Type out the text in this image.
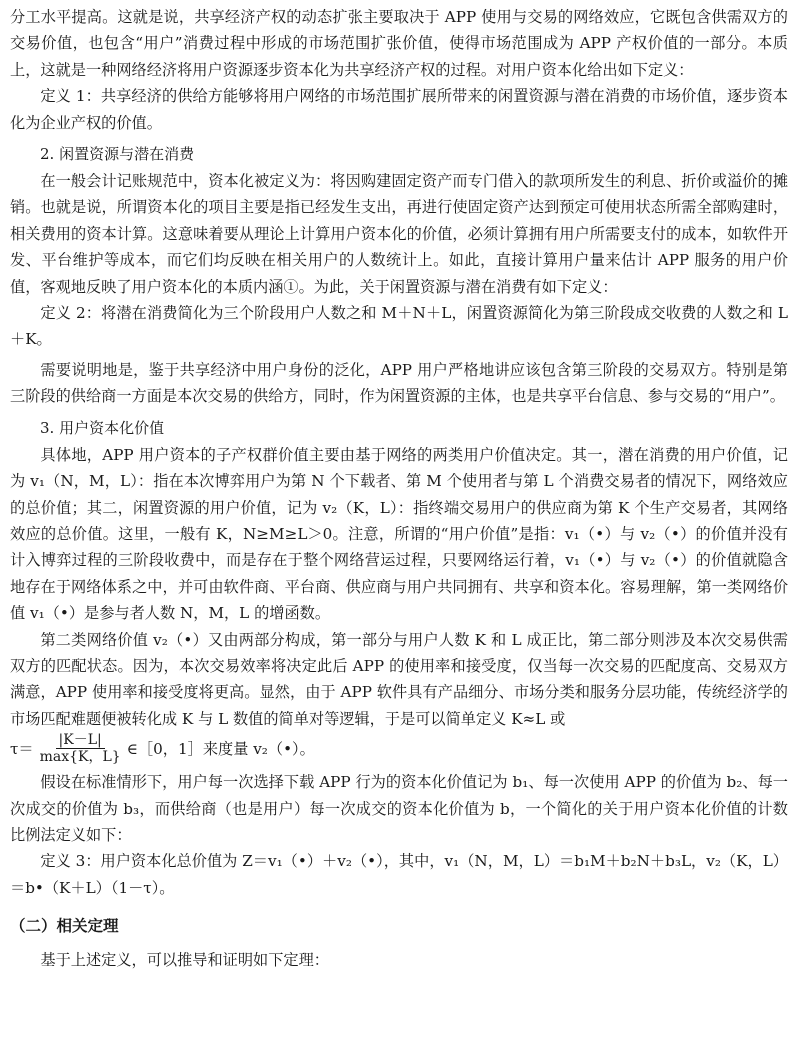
分工水平提高。这就是说，共享经济产权的动态扩张主要取决于 APP 使用与交易的网络效应，它既包含供需双方的交易价值，也包含“用户”消费过程中形成的市场范围扩张价值，使得市场范围成为 APP 产权价值的一部分。本质上，这就是一种网络经济将用户资源逐步资本化为共享经济产权的过程。对用户资本化给出如下定义：

定义 1：共享经济的供给方能够将用户网络的市场范围扩展所带来的闲置资源与潜在消费的市场价值，逐步资本化为企业产权的价值。

2. 闲置资源与潜在消费

在一般会计记账规范中，资本化被定义为：将因购建固定资产而专门借入的款项所发生的利息、折价或溢价的摊销。也就是说，所谓资本化的项目主要是指已经发生支出，再进行使固定资产达到预定可使用状态所需全部购建时，相关费用的资本计算。这意味着要从理论上计算用户资本化的价值，必须计算拥有用户所需要支付的成本，如软件开发、平台维护等成本，而它们均反映在相关用户的人数统计上。如此，直接计算用户量来估计 APP 服务的用户价值，客观地反映了用户资本化的本质内涵①。为此，关于闲置资源与潜在消费有如下定义：

定义 2：将潜在消费简化为三个阶段用户人数之和 M＋N＋L，闲置资源简化为第三阶段成交收费的人数之和 L＋K。

需要说明地是，鉴于共享经济中用户身份的泛化，APP 用户严格地讲应该包含第三阶段的交易双方。特别是第三阶段的供给商一方面是本次交易的供给方，同时，作为闲置资源的主体，也是共享平台信息、参与交易的“用户”。

3. 用户资本化价值

具体地，APP 用户资本的子产权群价值主要由基于网络的两类用户价值决定。其一，潜在消费的用户价值，记为 v₁（N，M，L）：指在本次博弈用户为第 N 个下载者、第 M 个使用者与第 L 个消费交易者的情况下，网络效应的总价值；其二，闲置资源的用户价值，记为 v₂（K，L）：指终端交易用户的供应商为第 K 个生产交易者，其网络效应的总价值。这里，一般有 K，N≥M≥L＞0。注意，所谓的“用户价值”是指：v₁（•）与 v₂（•）的价值并没有计入博弈过程的三阶段收费中，而是存在于整个网络营运过程，只要网络运行着，v₁（•）与 v₂（•）的价值就隐含地存在于网络体系之中，并可由软件商、平台商、供应商与用户共同拥有、共享和资本化。容易理解，第一类网络价值 v₁（•）是参与者人数 N，M，L 的增函数。

第二类网络价值 v₂（•）又由两部分构成，第一部分与用户人数 K 和 L 成正比，第二部分则涉及本次交易供需双方的匹配状态。因为，本次交易效率将决定此后 APP 的使用率和接受度，仅当每一次交易的匹配度高、交易双方满意，APP 使用率和接受度将更高。显然，由于 APP 软件具有产品细分、市场分类和服务分层功能，传统经济学的市场匹配难题便被转化成 K 与 L 数值的简单对等逻辑，于是可以简单定义 K≈L 或

$\tau= \frac{|K-L|}{\max\{K,L\}}$ ∈［0，1］来度量 v₂（•）。

假设在标准情形下，用户每一次选择下载 APP 行为的资本化价值记为 b₁、每一次使用 APP 的价值为 b₂、每一次成交的价值为 b₃，而供给商（也是用户）每一次成交的资本化价值为 b，一个简化的关于用户资本化价值的计数比例法定义如下：

定义 3：用户资本化总价值为 Z＝v₁（•）＋v₂（•），其中，v₁（N，M，L）＝b₁M＋b₂N＋b₃L，v₂（K，L）＝b•（K＋L）（1－τ）。

（二）相关定理

基于上述定义，可以推导和证明如下定理：
